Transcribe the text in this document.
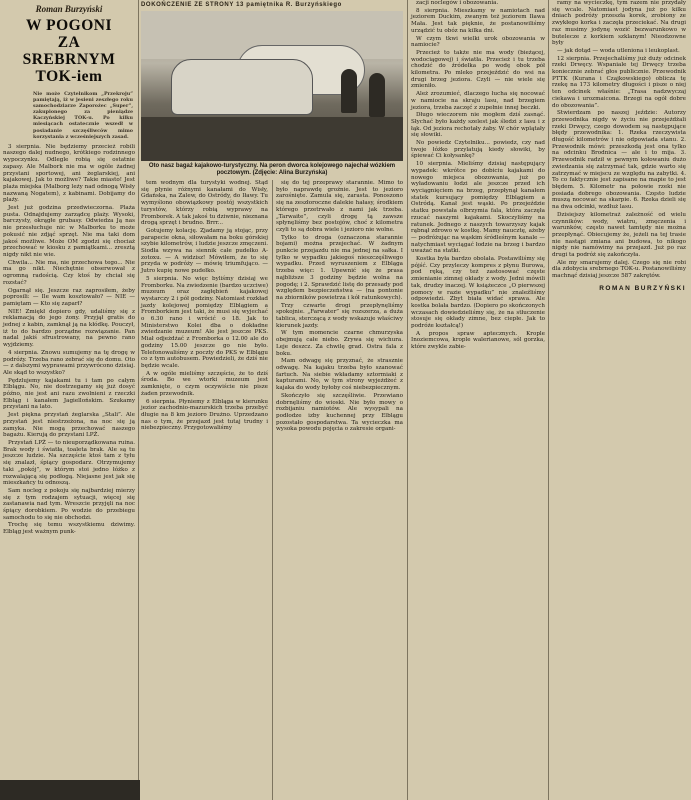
Roman Burzyński
W POGONI
ZA
SREBRNYM
TOK-iem
Nie może Czytelnikom „Przekroju” pamiętają, iż w jesieni zeszłego roku samochodziarze Zaporożec „Super”, zakupionego za pieniądze Kaczyńskiej TOK‑u. Po kilku miesiącach ostatecznie wszedł w posiadanie szczęśliwców mimo korzystania z wcześniejszych zasad.

3 sierpnia. Nie będziemy przecież robili naszego dalej nudnego, krótkiego rodzinnego wypoczynku. Odlegle robią się ostatnie zapasy. Ale Malbork nie ma w ogóle żadnej przystani sportowej, ani żeglarskiej, ani kajakowej. Jak to możliwe? Takie miasto! Jest plaża miejska (Malborg leży nad odnogą Wisły nazwaną Nogatem), z kabinami. Dobijamy do plaży.

Jest już godzina przedwieczorna. Plaża pusta. Odnajdujemy zarządcę plaży. Wysoki, barczysty, okrągłe grubasy. Odwiedza Ją nas nie przesłuchuje nic w Malborku to może pokusić nie zdjąć sprzęt. Nie ma taki dom jakoś możliwe. Może OM zgodzi się chociaż przechować w kiosku z pamiątkami... zresztą nigdy nikt nie wie.

Chwila... Nie ma, nie przechowa tego... Nie ma go nikt. Niechętnie obserwował z ogromną radością. Czy ktoś by chciał się rozstać?

Ogarnął się. Jeszcze raz zaprosiłem, żeby poprosili: — Ile wam kosztowało? — NIE — pamiętam — Kto się zaparł?

NIE! Zmiękł dopiero gdy, udaliśmy się z reklamacją do jego żony. Przyjął gratis do jednej z kabin, zamknął ją na kłódkę. Pouczył, iż to do bardzo porządne rozwiązanie. Pan nadal jakiś sfrustrowany, na pewno rano wyjdziemy.

4 sierpnia. Znowu sumujemy na tę drogę w podróży. Trzeba rano zebrać się do domu. Oto — z dalszymi wyprawami przywrócono dzisiaj. Ale skąd to wszystko?

Pędzlujemy kajakami tu i tam po całym Elblągu. No, nie dostrzegamy się już dosyć późno, nie jest ani razu zwolnieni z rzeczki Elbląg i kanałem Jagiellońskim. Szukamy przystani na lato.

Jest piękna przystań żeglarska „Stali”. Ale przystań jest niestrzeżona, na noc się ją zamyka. Nie mogą przechować naszego bagażu. Kierują do przystani LPŻ.

Przystań LPŻ — to nieuporządkowana ruina. Brak wody i światła, toaleta brak. Ale są tu jeszcze ludzie. Na szczęście ktoś tam z tyłu się znalazł, śpiący gospodarz. Otrzymujemy taki „pokój”, w którym stoi jedno łóżko z rozwalającą się podłogą. Niejasne jest jak się mieszkańcy tu odnoszą.

Sam nocleg z pokoju się najbardziej mierzy się z tym rodzajem sytuacji, więcej się zastanawia nad tym. Wreszcie przyjęli na noc śpiący dorobkiem. Po wodzie do przebiegu samochodu to się nie obchodzi.

Trochę się temu wszystkiemu dziwimy. Elbląg jest ważnym punk-

DOKOŃCZENIE ZE STRONY 13 pamiętnika R. Burzyńskiego
Oto nasz bagaż kajakowo-turystyczny. Na peron dworca kolejowego najechał wózkiem pocztowym. (Zdjęcie: Alina Burzyńska)

tem wodnym dla turystyki wodnej. Stąd się płynie różnymi kanałami do Wisły, Gdańska, na Zalew, do Ostródy, do Iławy. Tu wymyślono obowiązkowy postój wszystkich turystów, którzy robią wyprawy na Fromborek. A tak jakoś tu dziwnie, nieznana drogą sprzęt i brudno. Brrr...

Gotujemy kolację. Zjadamy ją stojąc, przy parapecie okna, siłowałam na boku górskiej szybie kilometrów, i ludzie jeszcze zmęczeni. Siodła wzywa na siennik całe pudełko A-zotoxu. — A widzisz! Mówiłem, że to się przyda w podróży — mówię triumfująco. — Jutro kupię nowe pudełko.

5 sierpnia. No więc byliśmy dzisiaj we Fromborku. Na zwiedzenie (bardzo uczciwe) muzeum oraz zagłębień kajakowej wystarczy 2 i pół godziny. Natomiast rozkład jazdy kolejowej pomiędzy Elblągiem a Fromborkiem jest taki, że musi się wyjechać o 6.30 rano i wrócić o 18. Jak to Ministerstwo Kolei dba o dokładne zwiedzanie muzeum! Ale jest jeszcze PKS. Miał odjeżdżać z Fromborka o 12.00 ale do godziny 15.00 jeszcze go nie było. Telefonowaliśmy z poczty do PKS w Elblągu co z tym autobusem. Powiedzieli, że dziś nie będzie wcale.

A w ogóle mieliśmy szczęście, że to dziś środa. Bo we wtorki muzeum jest zamknięte, o czym oczywiście nie pisze żaden przewodnik.

6 sierpnia. Płyniemy z Elbląga w kierunku jezior zachodnio-mazurskich trzeba przebyć długie na 8 km jezioro Drużno. Uprzedzano nas o tym, że przejazd jest tutaj trudny i niebezpieczny. Przygotowaliśmy

się do tej przeprawy starannie. Mimo to było naprawdę groźnie. Jest to jezioro zarośnięte. Zamula się, zarasta. Ponoszono się na zeszłoroczne dalekie hałasy, środkiem którego przetrwało z nami jak trzeba. „Tarwaite”, czyli drogę tą zawsze spłynęliśmy bez postojów, choć z kilometra czyli to są dobra wiele i jezioro nie wolne.

Tylko to droga (oznaczona starannie bojami) można przejechać. W żadnym punkcie przejazdu nie ma jednej na sałka. I tylko w wypadku jakiegoś nieszczęśliwego wypadku. Przed wyruszeniem z Elbląga trzeba więc: 1. Upewnić się że prasa najbliższe 3 godziny będzie wolna na pogodę; i 2. Sprawdzić listę do przesady pod względem bezpieczeństwa — (na pontonie na zbiorników powietrza i kół ratunkowych).

Trzy czwarte drogi przepłynęliśmy spokojnie. „Farwater” się rozszerza, a duża tablica, sterczącą z wody wskazuje właściwy kierunek jazdy.

W tym momencie czarne chmurzyska obejmują całe niebo. Zrywa się wichura. Leje deszcz. Za chwilę grad. Ostra fala z boku.

Mam odwagę się przyznać, że strasznie odwagę. Na kajaku trzeba było szanować fartuch. Na siebie wkładamy sztormiaki z kapturami. No, w tym strony wyjeżdżeć z kajaka do wody byłoby coś niebezpiecznym.

Skończyło się szczęśliwie. Przewiano dobrnęliśmy do wioski. Nie było mowy o rozbijaniu namiotów. Ale wysypali na podłodze izby kuchennej przy Elblągu pozostało gospodarstwa. Ta wycieczka ma wysoka powodu pojęcia o zakresie organi-

zacji noclegów i obozowania.

8 sierpnia. Mieszkamy w namiotach nad jeziorem Duckim, zwanym też jeziorem Iława Mała. Jest tak pięknie, że postanowiliśmy urządzić tu obóz na kilka dni.

W czym tkwi wielki urok obozowania w namiocie?

Przecież to także nie ma wody (bieżącej, wodociągowej) i światła. Przecież i tu trzeba chodzić do źródełka po wodę obok pół kilometra. Po mleko przejeździć do wsi na drugi brzeg jeziora. Czyli — nie wiele się zmieniło.

Ależ zrozumieć, dlaczego łucha się nocować w namiocie na skraju lasu, nad brzegiem jeziora, trzeba zaczęć z zupełnie innej beczki.

Długo wieczorem nie mogłem dziś zasnąć. Słychać było każdy szelest jak śledzi z lasu i z łąk. Od jeziora rechotały żaby. W chór wplątały się słowiki.

No powiedz Czytelniku... powiedz, czy nad twoje łóżko przylatują kiedy słowiki, by śpiewać Ci kołysankę?

10 sierpnia. Mieliśmy dzisiaj następujący wypadek: wkrótce po dobiciu kajakami do nowego miejsca obozowania, już po wyładowaniu łodzi ale jeszcze przed ich wyciągnięciem na brzeg, przepłynął kanałem statek kursujący pomiędzy Elblągiem a Ostródą. Kanał jest wąski. Po przejeździe statku powstała olbrzymia fala, która zaczęła rzucać naszymi kajakami. Skoczyliśmy na ratunek. Jednego z naszych towarzyszy kajak rąbnął zdrowo w kostkę. Mamy naucztę, ażeby — podróżując na wąskim śródleśnym kanale — natychmiast wyciągać łodzie na brzeg i bardzo uważać na statki.

Kostka była bardzo obolała. Postawiliśmy się pójść. Czy przyleczy kompres z płynu Burowa, pod ręką, czy też zastosować częste zmienianie zimnej okłady z wody. Jedni mówili tak, drudzy inaczej. W książeczce „O pierwszej pomocy w razie wypadku” nie znaleźliśmy odpowiedzi. Zbyt biała widać sprawa. Ale kostka bolała bardzo. (Dopiero po skończonych wczasach dowiedzieliśmy się, że na stłuczenie stosuje się okłady zimne, bez ciepłe. Jak to podróże kształcą!)

A propos spraw aptecznych. Krople Inoziemcowa, krople walerianowe, sól gorzka, które zwykle zabie-

ramy na wycieczkę, tym razem nie przydały się wcale. Natomiast jodyna już po kilku dniach podróży przeszła korek, zrobiony ze zwykłego korka i zaczęła przeciekać. Na drugi raz musimy jodynę wozić bezwarunkowo w butelecze z korkiem szklanym! Nieodzowne były

— jak dotąd — woda utleniona i leukoplast.

12 sierpnia. Przejechaliśmy już duży odcinek rzeki Drwęcy. Wspaniale tej Drwęcy trzeba koniecznie zebrać głos publicznie. Przewodnik PTTK (Kurana i Czajkowskiego) oblicza tę rzekę na 173 kilometry długości i pisze o niej ten odcinek właśnie: „Trasa nadzwyczaj ciekawa i urozmaicona. Brzegi na ogół dobre do obozowania”.

Stwierdzam po naszej jeździe: Autorzy przewodnika nigdy w życiu nie przejeżdżali rzeki Drwęcy, czego dowodem są następujące błędy przewodnika: 1. Rzeka rzeczywista długość kilometrów i nie odpowiada stanu. 2. Przewodnik mówi: przeszkodą jest ona tylko na odcinku Brodnica — ale i to mija. 3. Przewodnik radził w pewnym kołowaniu dużo zwiedzania się zatrzymać tak, gdzie warto się zatrzymać w miejscu ze względu na zabytki. 4. To co faktycznie jest zapisane na mapie to jest błędem. 5. Kilometr na połowie rzeki nie posiada dobrego obozowania. Często ludzie muszą nocować na skarpie. 6. Rzeka dzieli się na dwa odcinki, wzdłuż lasu.

Dzisiejszy kilometraż zależność od wielu czynników: wody, wiatru, zmęczenia i warunków, często nawet tamtędy nie można przepłynąć. Obiecujemy że, jeżeli na tej trasie nie nastąpi zmiana ani budowa, to nikogo nigdy nie namówimy na przejazd. Już po raz drugi ta podróż się zakończyła.

Ale my smarujemy dalej. Czego się nie robi dla zdobycia srebrnego TOK‑u. Postanowiliśmy machnąć dzisiaj jeszcze 587 zakrętów.

ROMAN BURZYŃSKI
